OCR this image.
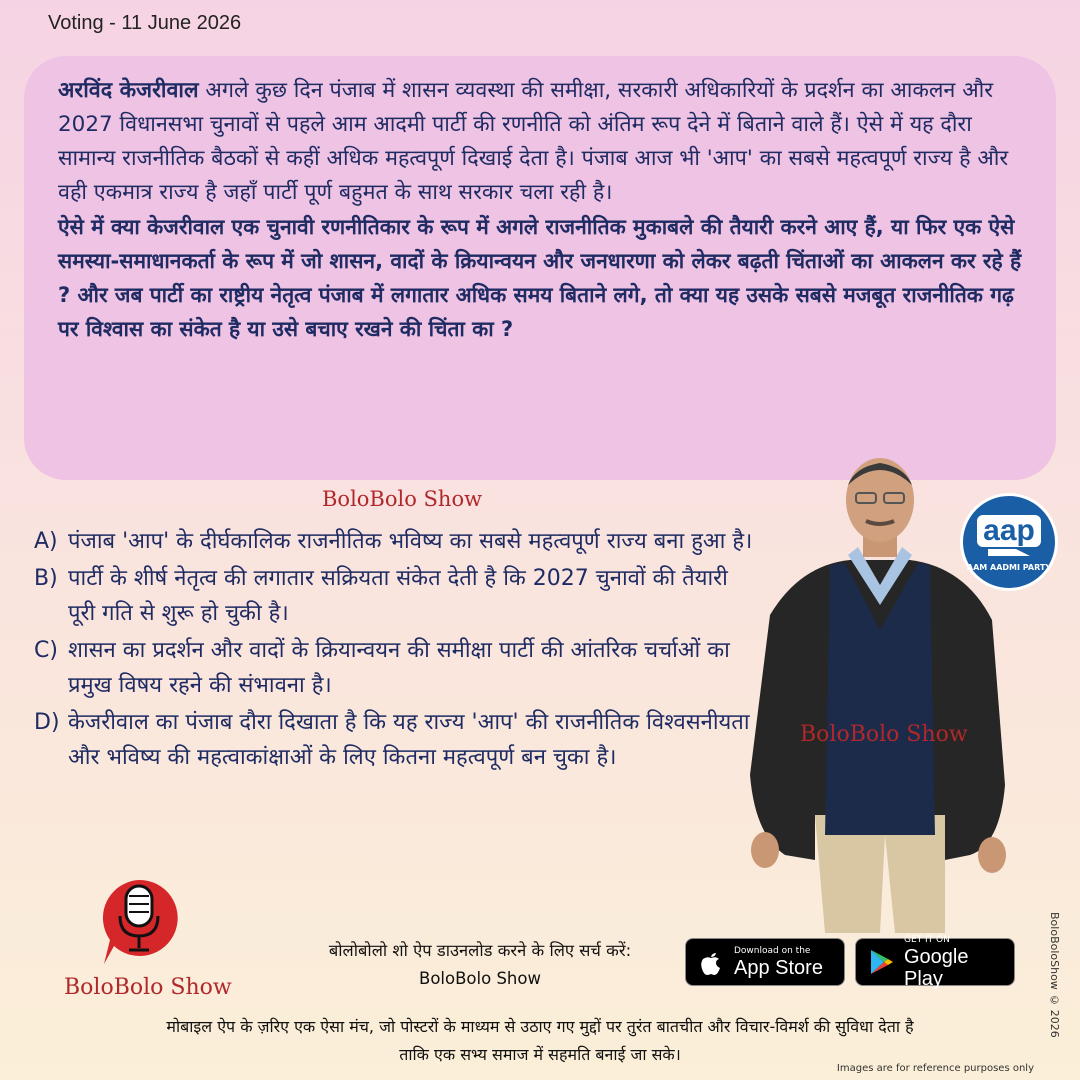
Voting - 11 June 2026
अरविंद केजरीवाल अगले कुछ दिन पंजाब में शासन व्यवस्था की समीक्षा, सरकारी अधिकारियों के प्रदर्शन का आकलन और 2027 विधानसभा चुनावों से पहले आम आदमी पार्टी की रणनीति को अंतिम रूप देने में बिताने वाले हैं। ऐसे में यह दौरा सामान्य राजनीतिक बैठकों से कहीं अधिक महत्वपूर्ण दिखाई देता है। पंजाब आज भी 'आप' का सबसे महत्वपूर्ण राज्य है और वही एकमात्र राज्य है जहाँ पार्टी पूर्ण बहुमत के साथ सरकार चला रही है।
ऐसे में क्या केजरीवाल एक चुनावी रणनीतिकार के रूप में अगले राजनीतिक मुकाबले की तैयारी करने आए हैं, या फिर एक ऐसे समस्या-समाधानकर्ता के रूप में जो शासन, वादों के क्रियान्वयन और जनधारणा को लेकर बढ़ती चिंताओं का आकलन कर रहे हैं ? और जब पार्टी का राष्ट्रीय नेतृत्व पंजाब में लगातार अधिक समय बिताने लगे, तो क्या यह उसके सबसे मजबूत राजनीतिक गढ़ पर विश्वास का संकेत है या उसे बचाए रखने की चिंता का ?
BoloBolo Show
A) पंजाब 'आप' के दीर्घकालिक राजनीतिक भविष्य का सबसे महत्वपूर्ण राज्य बना हुआ है।
B) पार्टी के शीर्ष नेतृत्व की लगातार सक्रियता संकेत देती है कि 2027 चुनावों की तैयारी पूरी गति से शुरू हो चुकी है।
C) शासन का प्रदर्शन और वादों के क्रियान्वयन की समीक्षा पार्टी की आंतरिक चर्चाओं का प्रमुख विषय रहने की संभावना है।
D) केजरीवाल का पंजाब दौरा दिखाता है कि यह राज्य 'आप' की राजनीतिक विश्वसनीयता और भविष्य की महत्वाकांक्षाओं के लिए कितना महत्वपूर्ण बन चुका है।
BoloBolo Show
aap
AAM AADMI PARTY
BoloBolo Show
बोलोबोलो शो ऐप डाउनलोड करने के लिए सर्च करें:
BoloBolo Show
Download on the
App Store
GET IT ON
Google Play
मोबाइल ऐप के ज़रिए एक ऐसा मंच, जो पोस्टरों के माध्यम से उठाए गए मुद्दों पर तुरंत बातचीत और विचार-विमर्श की सुविधा देता है
ताकि एक सभ्य समाज में सहमति बनाई जा सके।
Images are for reference purposes only
BoloBoloShow © 2026
